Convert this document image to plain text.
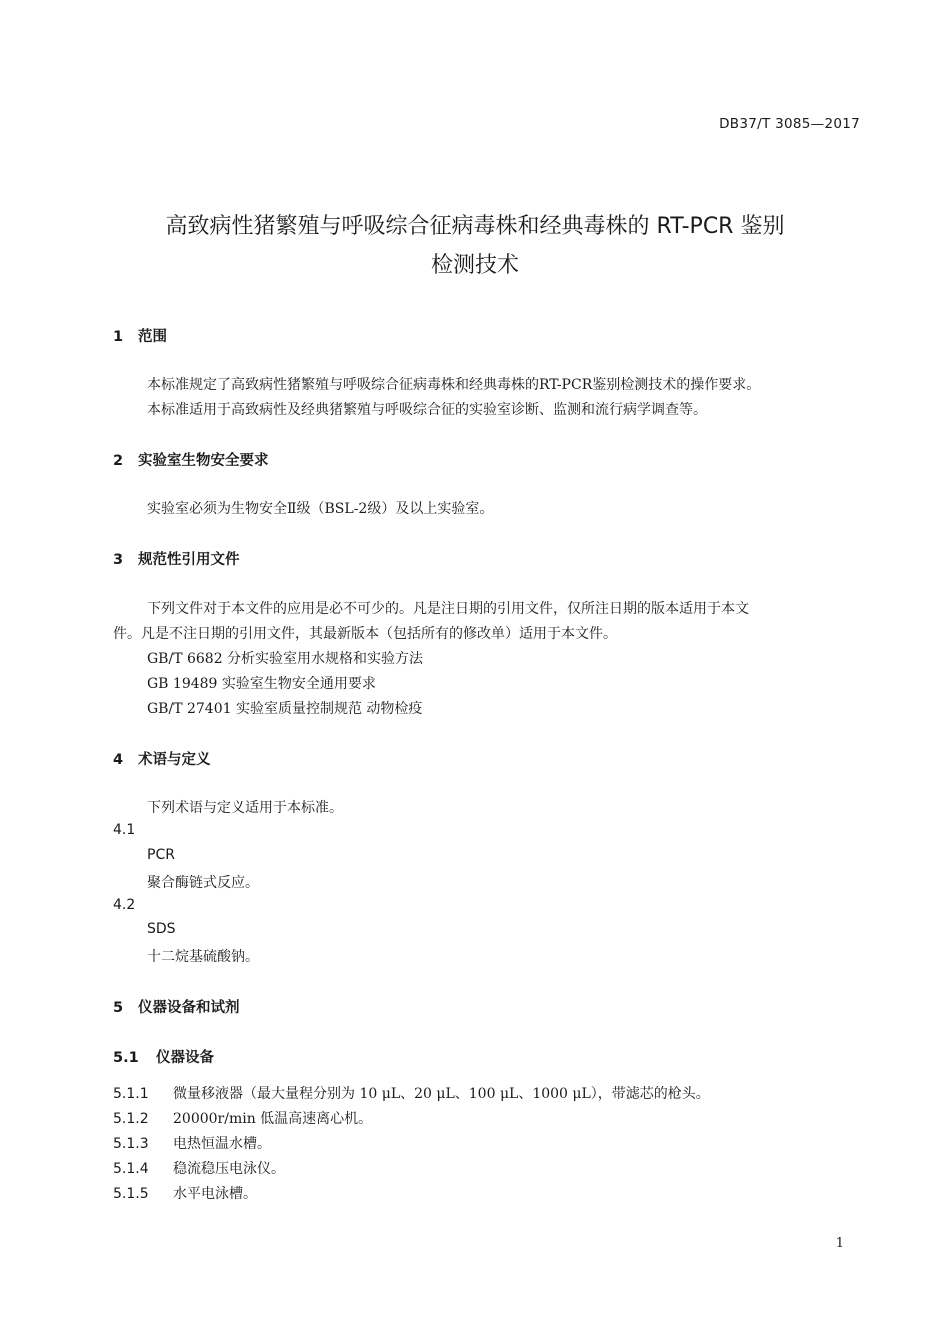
DB37/T 3085—2017
高致病性猪繁殖与呼吸综合征病毒株和经典毒株的 RT-PCR 鉴别
检测技术
1 范围
本标准规定了高致病性猪繁殖与呼吸综合征病毒株和经典毒株的RT-PCR鉴别检测技术的操作要求。
本标准适用于高致病性及经典猪繁殖与呼吸综合征的实验室诊断、监测和流行病学调查等。
2 实验室生物安全要求
实验室必须为生物安全Ⅱ级（BSL-2级）及以上实验室。
3 规范性引用文件
下列文件对于本文件的应用是必不可少的。凡是注日期的引用文件，仅所注日期的版本适用于本文
件。凡是不注日期的引用文件，其最新版本（包括所有的修改单）适用于本文件。
GB/T 6682 分析实验室用水规格和实验方法
GB 19489 实验室生物安全通用要求
GB/T 27401 实验室质量控制规范 动物检疫
4 术语与定义
下列术语与定义适用于本标准。
4.1
PCR
聚合酶链式反应。
4.2
SDS
十二烷基硫酸钠。
5 仪器设备和试剂
5.1 仪器设备
5.1.1 微量移液器（最大量程分别为 10 μL、20 μL、100 μL、1000 μL），带滤芯的枪头。
5.1.2 20000r/min 低温高速离心机。
5.1.3 电热恒温水槽。
5.1.4 稳流稳压电泳仪。
5.1.5 水平电泳槽。
1
